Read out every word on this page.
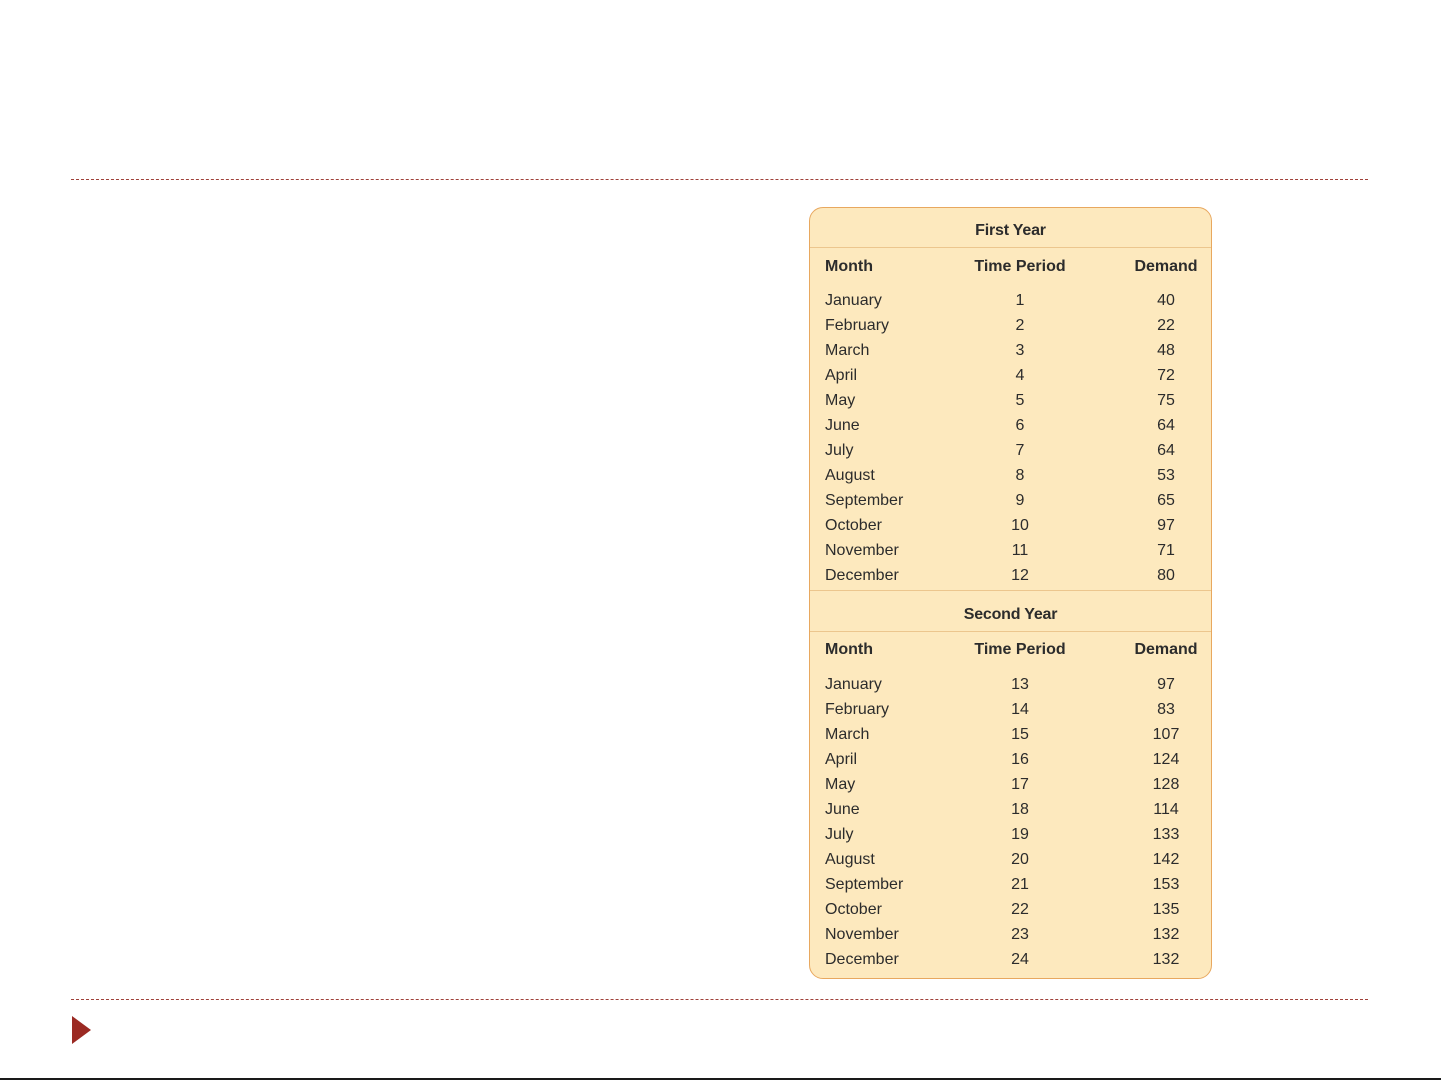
First Year
Month	Time Period	Demand
January	1	40
February	2	22
March	3	48
April	4	72
May	5	75
June	6	64
July	7	64
August	8	53
September	9	65
October	10	97
November	11	71
December	12	80
Second Year
Month	Time Period	Demand
January	13	97
February	14	83
March	15	107
April	16	124
May	17	128
June	18	114
July	19	133
August	20	142
September	21	153
October	22	135
November	23	132
December	24	132
